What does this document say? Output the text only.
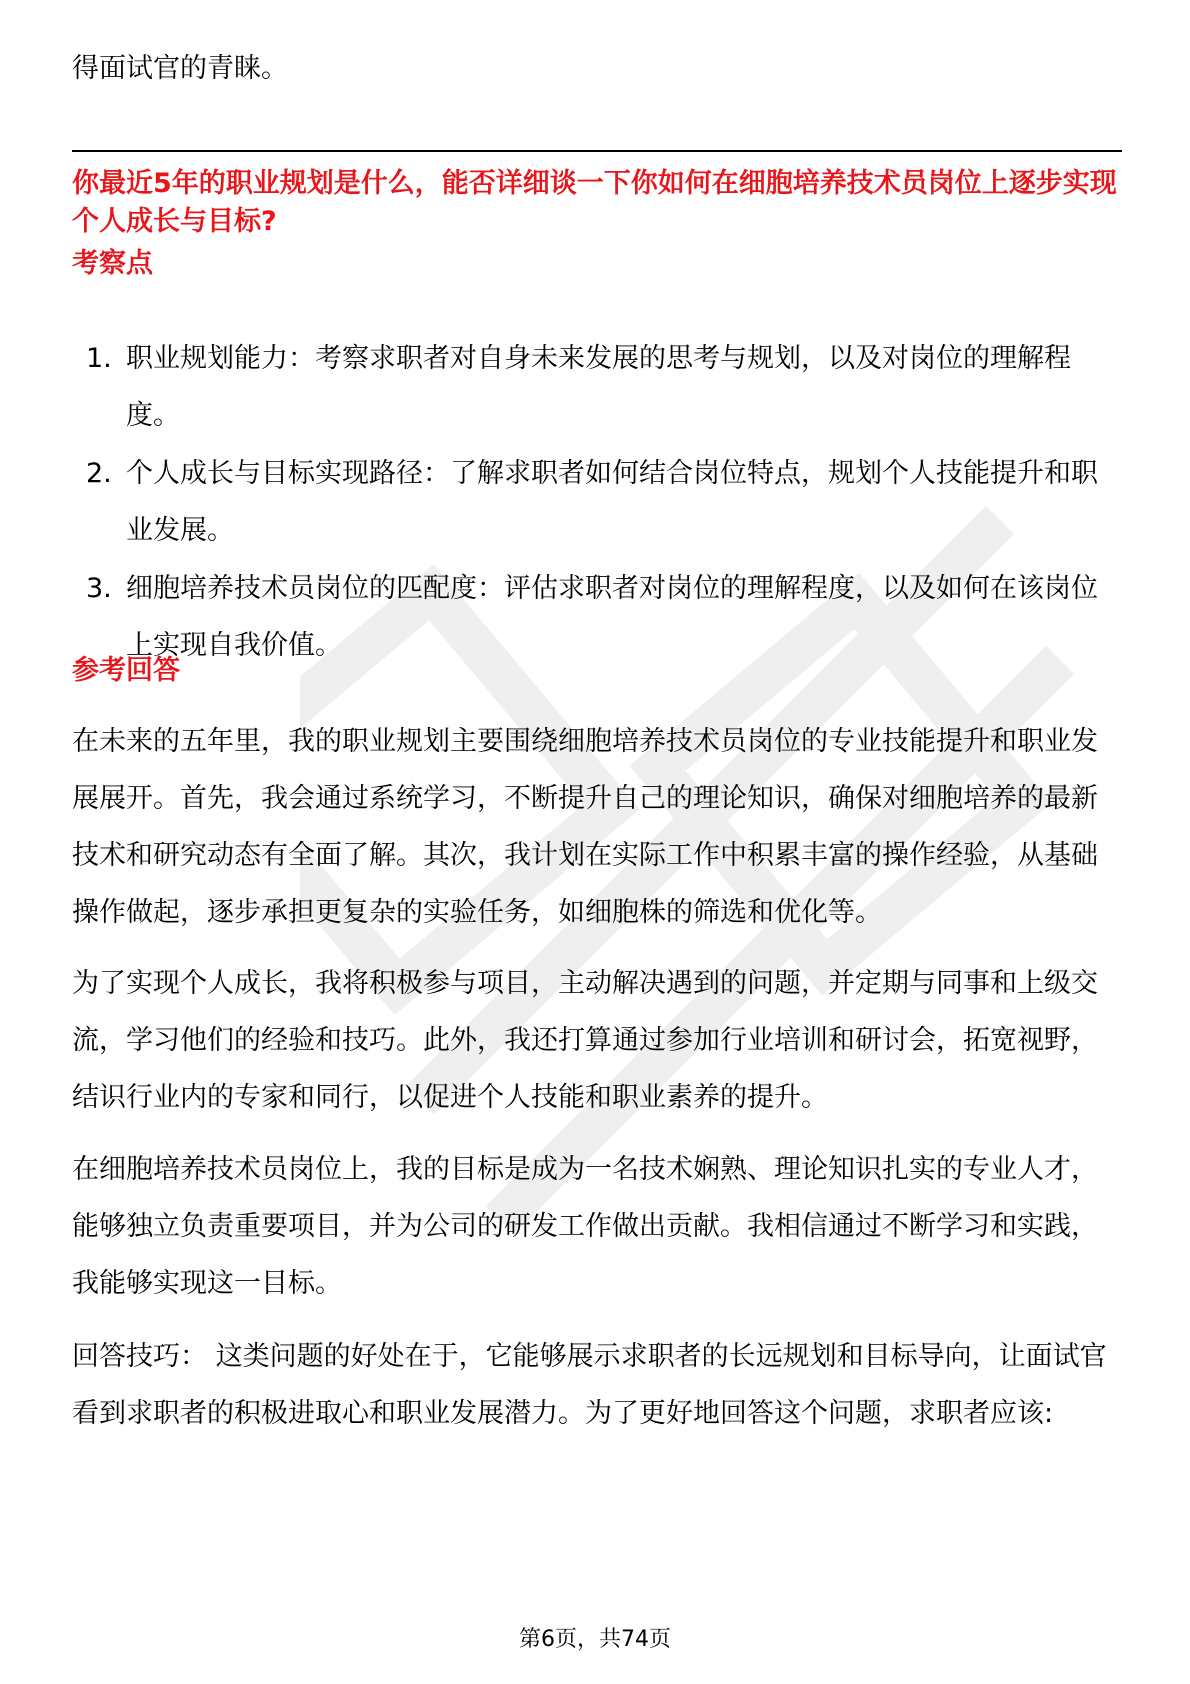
得面试官的青睐。

你最近5年的职业规划是什么，能否详细谈一下你如何在细胞培养技术员岗位上逐步实现个人成长与目标?

考察点

1. 职业规划能力：考察求职者对自身未来发展的思考与规划，以及对岗位的理解程度。
2. 个人成长与目标实现路径：了解求职者如何结合岗位特点，规划个人技能提升和职业发展。
3. 细胞培养技术员岗位的匹配度：评估求职者对岗位的理解程度，以及如何在该岗位上实现自我价值。

参考回答

在未来的五年里，我的职业规划主要围绕细胞培养技术员岗位的专业技能提升和职业发展展开。首先，我会通过系统学习，不断提升自己的理论知识，确保对细胞培养的最新技术和研究动态有全面了解。其次，我计划在实际工作中积累丰富的操作经验，从基础操作做起，逐步承担更复杂的实验任务，如细胞株的筛选和优化等。

为了实现个人成长，我将积极参与项目，主动解决遇到的问题，并定期与同事和上级交流，学习他们的经验和技巧。此外，我还打算通过参加行业培训和研讨会，拓宽视野，结识行业内的专家和同行，以促进个人技能和职业素养的提升。

在细胞培养技术员岗位上，我的目标是成为一名技术娴熟、理论知识扎实的专业人才，能够独立负责重要项目，并为公司的研发工作做出贡献。我相信通过不断学习和实践，我能够实现这一目标。

回答技巧： 这类问题的好处在于，它能够展示求职者的长远规划和目标导向，让面试官看到求职者的积极进取心和职业发展潜力。为了更好地回答这个问题，求职者应该:

第6页，共74页
